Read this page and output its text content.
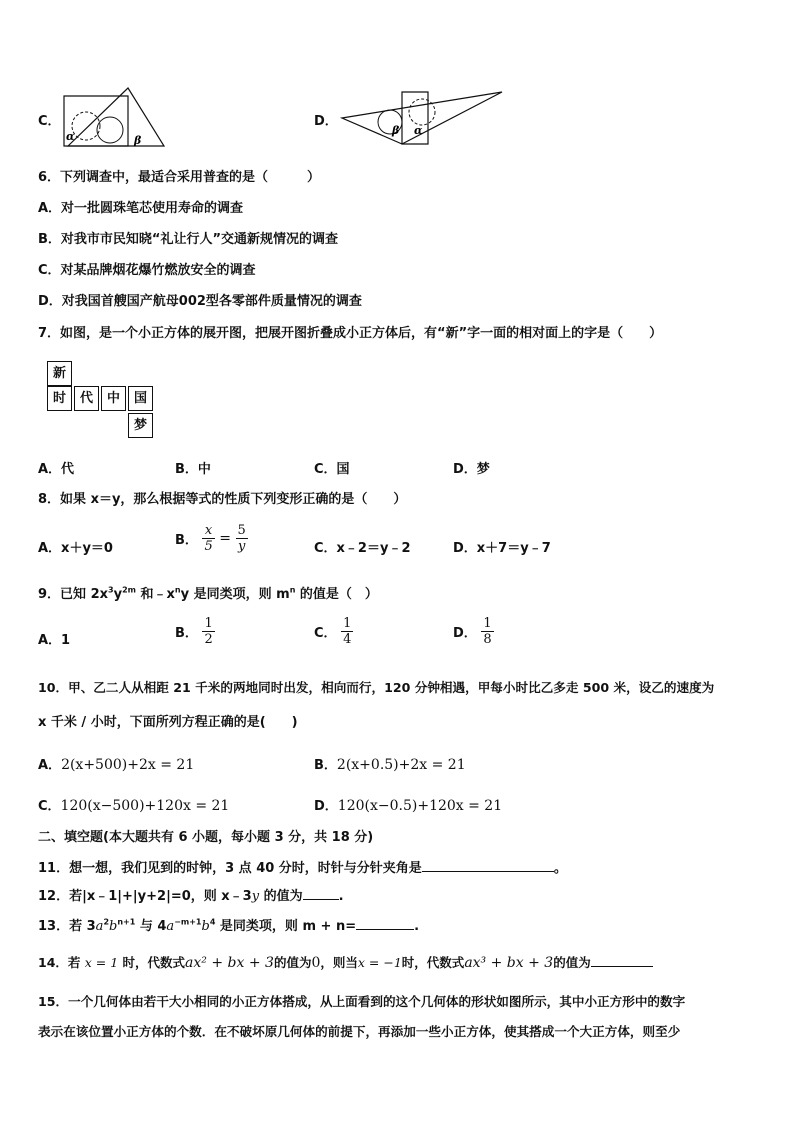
C．
α	β
D．
β α
6．下列调查中，最适合采用普查的是（　　　）
A．对一批圆珠笔芯使用寿命的调查
B．对我市市民知晓“礼让行人”交通新规情况的调查
C．对某品牌烟花爆竹燃放安全的调查
D．对我国首艘国产航母002型各零部件质量情况的调查
7．如图，是一个小正方体的展开图，把展开图折叠成小正方体后，有“新”字一面的相对面上的字是（　　）
新
时	代	中	国
梦
A．代	B．中	C．国	D．梦
8．如果 x＝y，那么根据等式的性质下列变形正确的是（　　）
A．x＋y＝0
B． $\frac{x}{5} = \frac{5}{y}$	C．x﹣2＝y﹣2	D．x＋7＝y﹣7
9．已知 $2x^3y^{2m}$ 和$﹣x^ny$ 是同类项，则 $m^n$ 的值是（　）
A．1	B． $\frac{1}{2}$	C． $\frac{1}{4}$	D． $\frac{1}{8}$
10．甲、乙二人从相距 21 千米的两地同时出发，相向而行，120 分钟相遇，甲每小时比乙多走 500 米，设乙的速度为
x 千米 / 小时，下面所列方程正确的是(　　)
A．2(x+500)+2x = 21	B．2(x+0.5)+2x = 21
C．120(x−500)+120x = 21	D．120(x−0.5)+120x = 21
二、填空题(本大题共有 6 小题，每小题 3 分，共 18 分)
11．想一想，我们见到的时钟，3 点 40 分时，时针与分针夹角是	。
12．若|x﹣1|+|y+2|=0，则 x﹣3y 的值为	.
13．若 $3a^2b^{n+1}$ 与 $4a^{-m+1}b^4$ 是同类项，则 m + n=	.
14．若 x = 1 时，代数式ax² + bx + 3的值为0，则当x = −1时，代数式ax³ + bx + 3的值为
15．一个几何体由若干大小相同的小正方体搭成，从上面看到的这个几何体的形状如图所示，其中小正方形中的数字
表示在该位置小正方体的个数．在不破坏原几何体的前提下，再添加一些小正方体，使其搭成一个大正方体，则至少
